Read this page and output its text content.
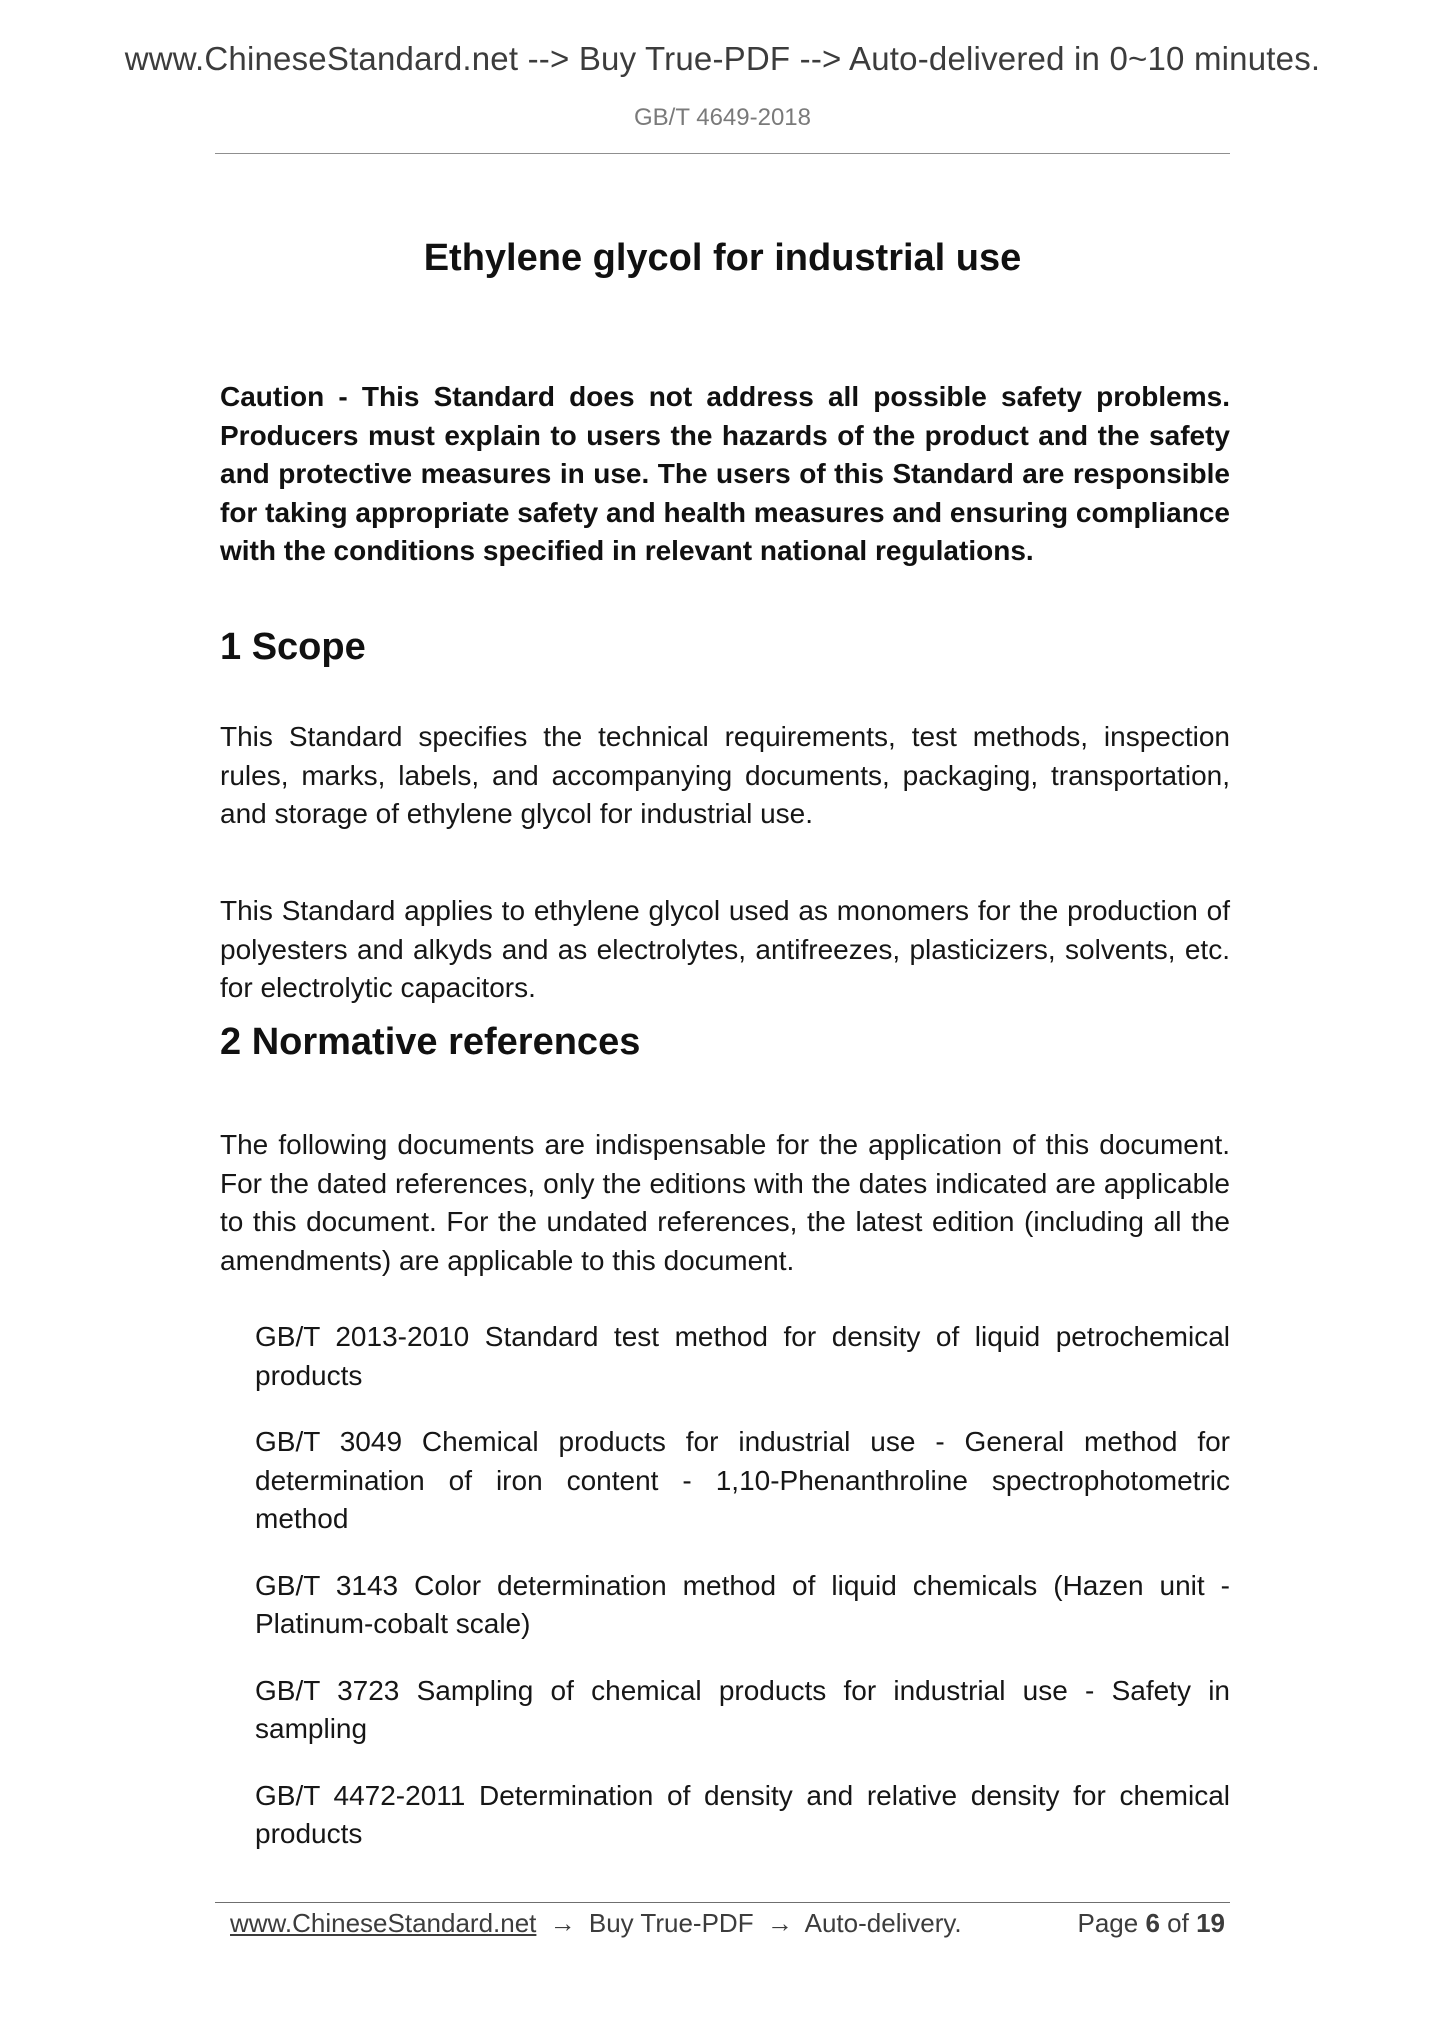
www.ChineseStandard.net --> Buy True-PDF --> Auto-delivered in 0~10 minutes.
GB/T 4649-2018
Ethylene glycol for industrial use

Caution - This Standard does not address all possible safety problems. Producers must explain to users the hazards of the product and the safety and protective measures in use. The users of this Standard are responsible for taking appropriate safety and health measures and ensuring compliance with the conditions specified in relevant national regulations.

1 Scope

This Standard specifies the technical requirements, test methods, inspection rules, marks, labels, and accompanying documents, packaging, transportation, and storage of ethylene glycol for industrial use.

This Standard applies to ethylene glycol used as monomers for the production of polyesters and alkyds and as electrolytes, antifreezes, plasticizers, solvents, etc. for electrolytic capacitors.

2 Normative references

The following documents are indispensable for the application of this document. For the dated references, only the editions with the dates indicated are applicable to this document. For the undated references, the latest edition (including all the amendments) are applicable to this document.

GB/T 2013-2010 Standard test method for density of liquid petrochemical products

GB/T 3049 Chemical products for industrial use - General method for determination of iron content - 1,10-Phenanthroline spectrophotometric method

GB/T 3143 Color determination method of liquid chemicals (Hazen unit - Platinum-cobalt scale)

GB/T 3723 Sampling of chemical products for industrial use - Safety in sampling

GB/T 4472-2011 Determination of density and relative density for chemical products

www.ChineseStandard.net → Buy True-PDF → Auto-delivery.	Page 6 of 19
